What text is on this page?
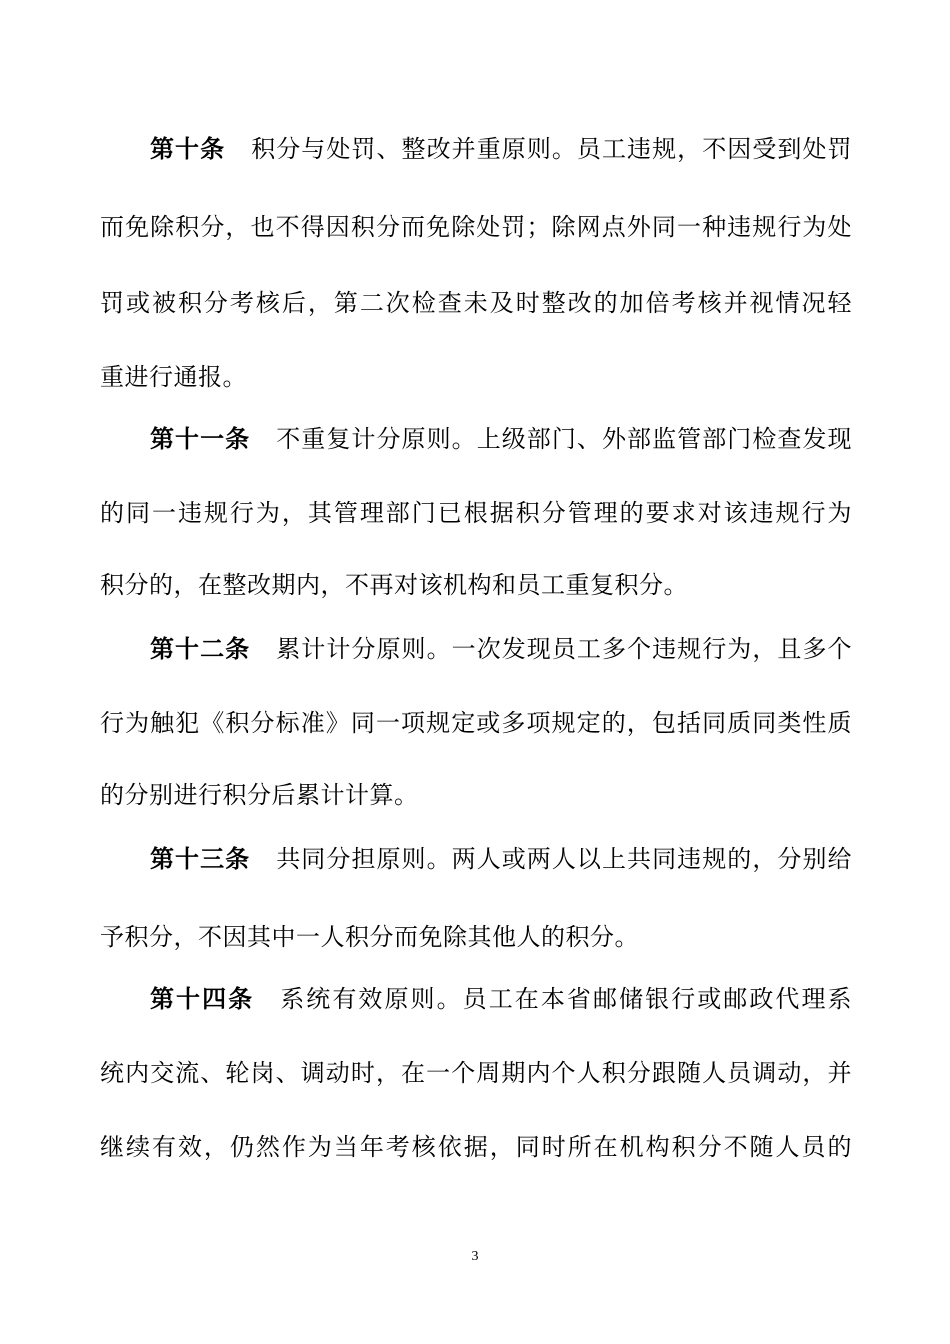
第十条 积分与处罚、整改并重原则。员工违规，不因受到处罚
而免除积分，也不得因积分而免除处罚；除网点外同一种违规行为处
罚或被积分考核后，第二次检查未及时整改的加倍考核并视情况轻
重进行通报。
第十一条 不重复计分原则。上级部门、外部监管部门检查发现
的同一违规行为，其管理部门已根据积分管理的要求对该违规行为
积分的，在整改期内，不再对该机构和员工重复积分。
第十二条 累计计分原则。一次发现员工多个违规行为，且多个
行为触犯《积分标准》同一项规定或多项规定的，包括同质同类性质
的分别进行积分后累计计算。
第十三条 共同分担原则。两人或两人以上共同违规的，分别给
予积分，不因其中一人积分而免除其他人的积分。
第十四条 系统有效原则。员工在本省邮储银行或邮政代理系
统内交流、轮岗、调动时，在一个周期内个人积分跟随人员调动，并
继续有效，仍然作为当年考核依据，同时所在机构积分不随人员的
3
